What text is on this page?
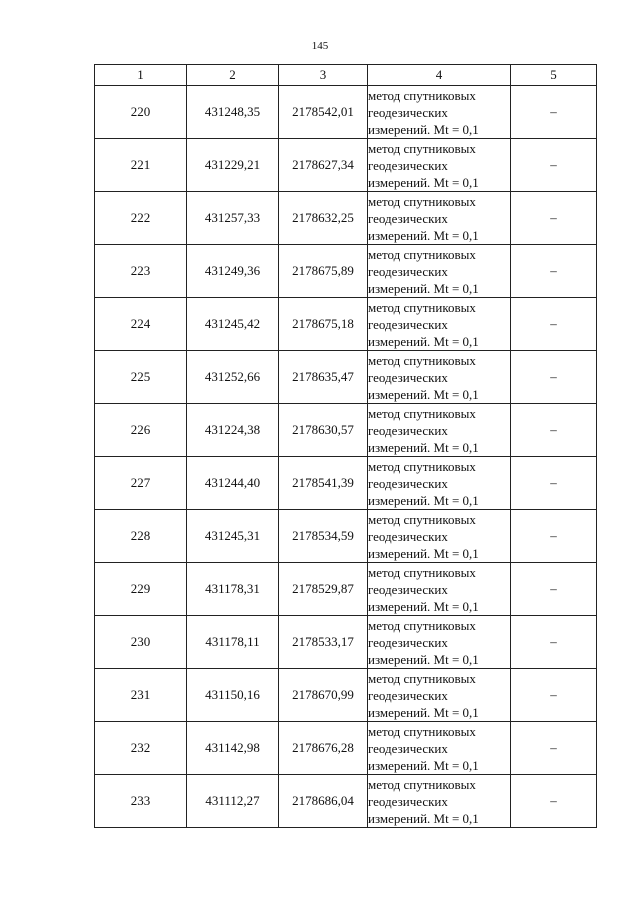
145
1	2	3	4	5
220	431248,35	2178542,01	метод спутниковых
геодезических
измерений. Mt = 0,1	–
221	431229,21	2178627,34	метод спутниковых
геодезических
измерений. Mt = 0,1	–
222	431257,33	2178632,25	метод спутниковых
геодезических
измерений. Mt = 0,1	–
223	431249,36	2178675,89	метод спутниковых
геодезических
измерений. Mt = 0,1	–
224	431245,42	2178675,18	метод спутниковых
геодезических
измерений. Mt = 0,1	–
225	431252,66	2178635,47	метод спутниковых
геодезических
измерений. Mt = 0,1	–
226	431224,38	2178630,57	метод спутниковых
геодезических
измерений. Mt = 0,1	–
227	431244,40	2178541,39	метод спутниковых
геодезических
измерений. Mt = 0,1	–
228	431245,31	2178534,59	метод спутниковых
геодезических
измерений. Mt = 0,1	–
229	431178,31	2178529,87	метод спутниковых
геодезических
измерений. Mt = 0,1	–
230	431178,11	2178533,17	метод спутниковых
геодезических
измерений. Mt = 0,1	–
231	431150,16	2178670,99	метод спутниковых
геодезических
измерений. Mt = 0,1	–
232	431142,98	2178676,28	метод спутниковых
геодезических
измерений. Mt = 0,1	–
233	431112,27	2178686,04	метод спутниковых
геодезических
измерений. Mt = 0,1	–
